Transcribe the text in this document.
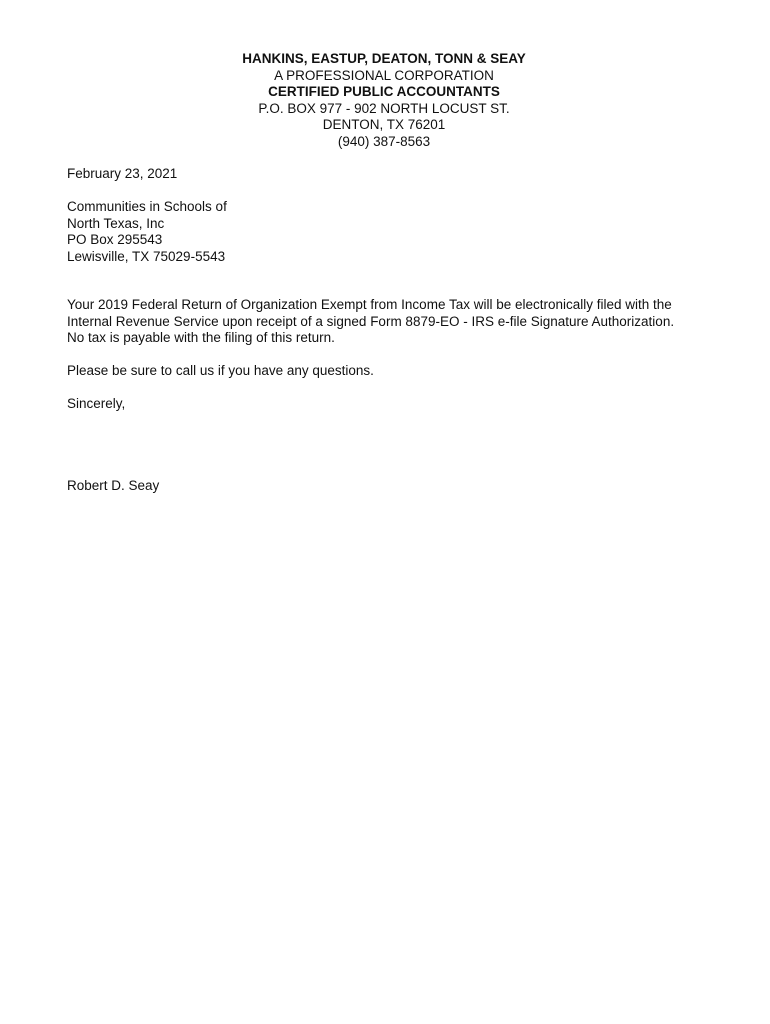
HANKINS, EASTUP, DEATON, TONN & SEAY
A PROFESSIONAL CORPORATION
CERTIFIED PUBLIC ACCOUNTANTS
P.O. BOX 977 - 902 NORTH LOCUST ST.
DENTON, TX 76201
(940) 387-8563
February 23, 2021
Communities in Schools of
North Texas, Inc
PO Box 295543
Lewisville, TX 75029-5543
Your 2019 Federal Return of Organization Exempt from Income Tax will be electronically filed with the
Internal Revenue Service upon receipt of a signed Form 8879-EO - IRS e-file Signature Authorization.
No tax is payable with the filing of this return.
Please be sure to call us if you have any questions.
Sincerely,
Robert D. Seay
